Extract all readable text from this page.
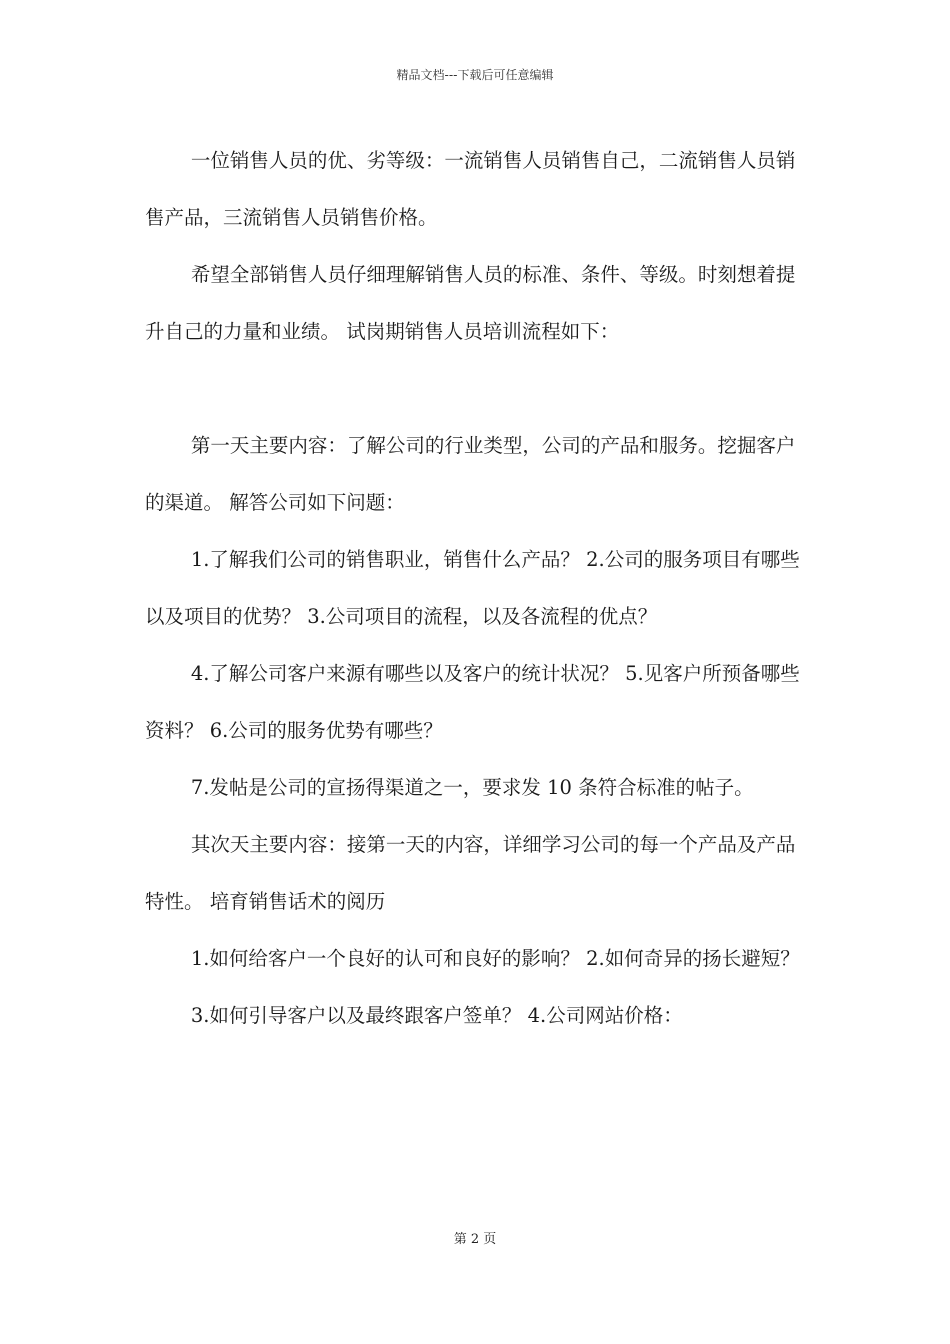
精品文档---下载后可任意编辑

一位销售人员的优、劣等级：一流销售人员销售自己，二流销售人员销售产品，三流销售人员销售价格。

希望全部销售人员仔细理解销售人员的标准、条件、等级。时刻想着提升自己的力量和业绩。 试岗期销售人员培训流程如下：

第一天主要内容：了解公司的行业类型，公司的产品和服务。挖掘客户的渠道。 解答公司如下问题：

1.了解我们公司的销售职业，销售什么产品？ 2.公司的服务项目有哪些以及项目的优势？ 3.公司项目的流程，以及各流程的优点？

4.了解公司客户来源有哪些以及客户的统计状况？ 5.见客户所预备哪些资料？ 6.公司的服务优势有哪些？

7.发帖是公司的宣扬得渠道之一，要求发 10 条符合标准的帖子。

其次天主要内容：接第一天的内容，详细学习公司的每一个产品及产品特性。 培育销售话术的阅历

1.如何给客户一个良好的认可和良好的影响？ 2.如何奇异的扬长避短？

3.如何引导客户以及最终跟客户签单？ 4.公司网站价格：

第 2 页
